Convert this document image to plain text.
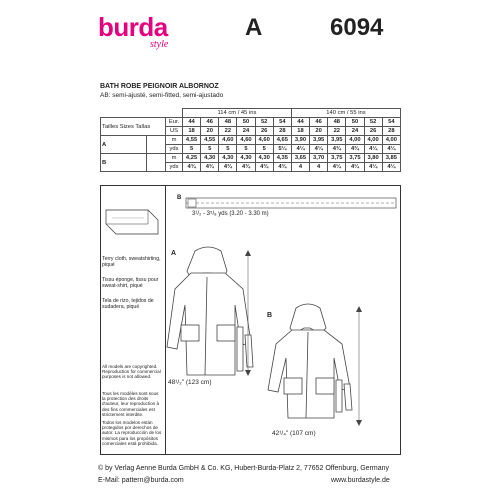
burda
style
A	6094
BATH ROBE PEIGNOIR ALBORNOZ
AB: semi-ajusté, semi-fitted, semi-ajustado
			114 cm / 45 ins						140 cm / 55 ins					
Tailles Sizes Tallas		Eur.	44	46	48	50	52	54	44	46	48	50	52	54
		US	18	20	22	24	26	28	18	20	22	24	26	28
A		m	4,55	4,55	4,60	4,60	4,60	4,65	3,90	3,95	3,95	4,00	4,00	4,00
		yds	5	5	5	5	5	5¼	4¼	4¼	4¾	4¾	4¼	4¼
B		m	4,25	4,30	4,30	4,30	4,30	4,35	3,65	3,70	3,75	3,75	3,80	3,85
		yds	4¾	4¾	4¾	4¾	4¾	4¾	4	4	4¼	4¼	4¼	4¼
Terry cloth, sweatshirting, piqué
Tissu éponge, tissu pour sweat-shirt, piqué
Tela de rizo, tejidos de sudadera, piqué
All models are copyrighted. Reproduction for commercial purposes is not allowed.
Tous les modèles sont sous la protection des droits d'auteur, leur reproduction à des fins commerciales est strictement interdite.
Todos los modelos están protegidos por derechos de autor. La reproducción de los mismos para los propósitos comerciales está prohibida.
B
3¹/₂ - 3⁵/₈ yds (3.20 - 3.30 m)
A
48¹/₂" (123 cm)
B
42¹/₄" (107 cm)
© by Verlag Aenne Burda GmbH & Co. KG, Hubert-Burda-Platz 2, 77652 Offenburg, Germany
E-Mail: pattern@burda.com	www.burdastyle.de
